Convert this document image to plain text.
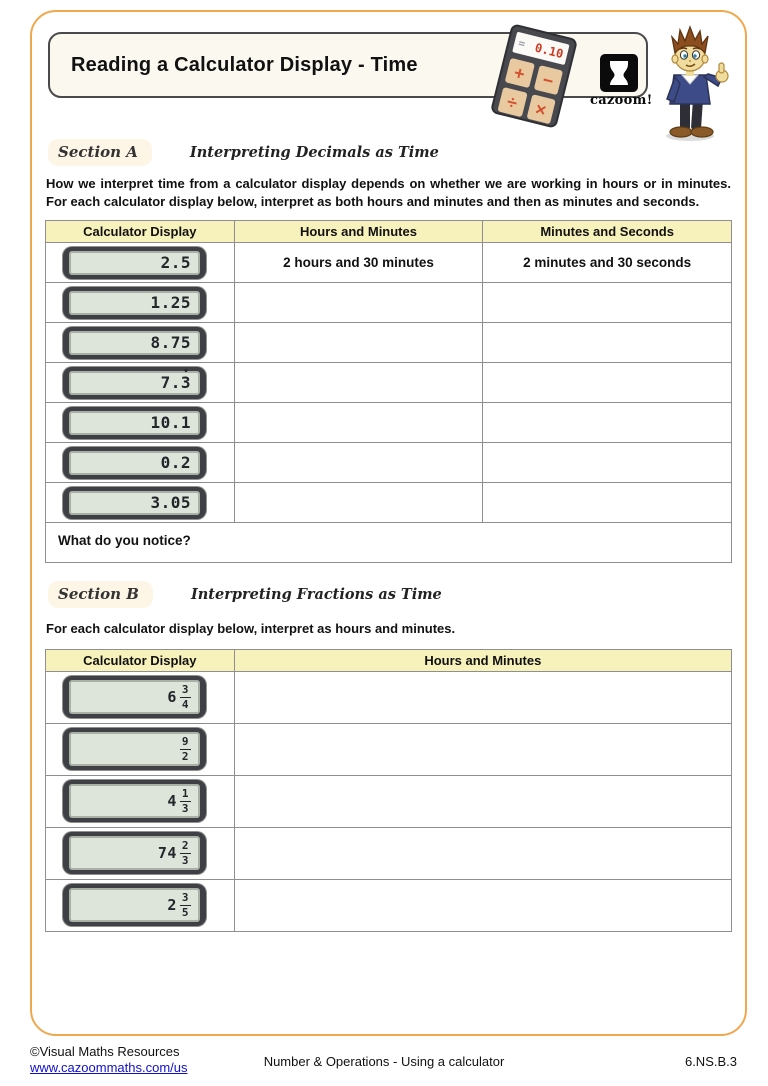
Reading a Calculator Display - Time
= 0.10
+ −
÷ ×	cazoom!
Section A	Interpreting Decimals as Time

How we interpret time from a calculator display depends on whether we are working in hours or in minutes. For each calculator display below, interpret as both hours and minutes and then as minutes and seconds.

Calculator Display	Hours and Minutes	Minutes and Seconds

2.5	2 hours and 30 minutes	2 minutes and 30 seconds

1.25		

8.75		

7. 3		

10.1		

0.2		

3.05		

What do you notice?		
Section B	Interpreting Fractions as Time

For each calculator display below, interpret as hours and minutes.

Calculator Display	Hours and Minutes

$6 \frac{3}{4}$

$\frac{9}{2}$

$4 \frac{1}{3}$

$74 \frac{2}{3}$

$2 \frac{3}{5}$

©Visual Maths Resources
www.cazoommaths.com/us	Number & Operations - Using a calculator	6.NS.B.3
